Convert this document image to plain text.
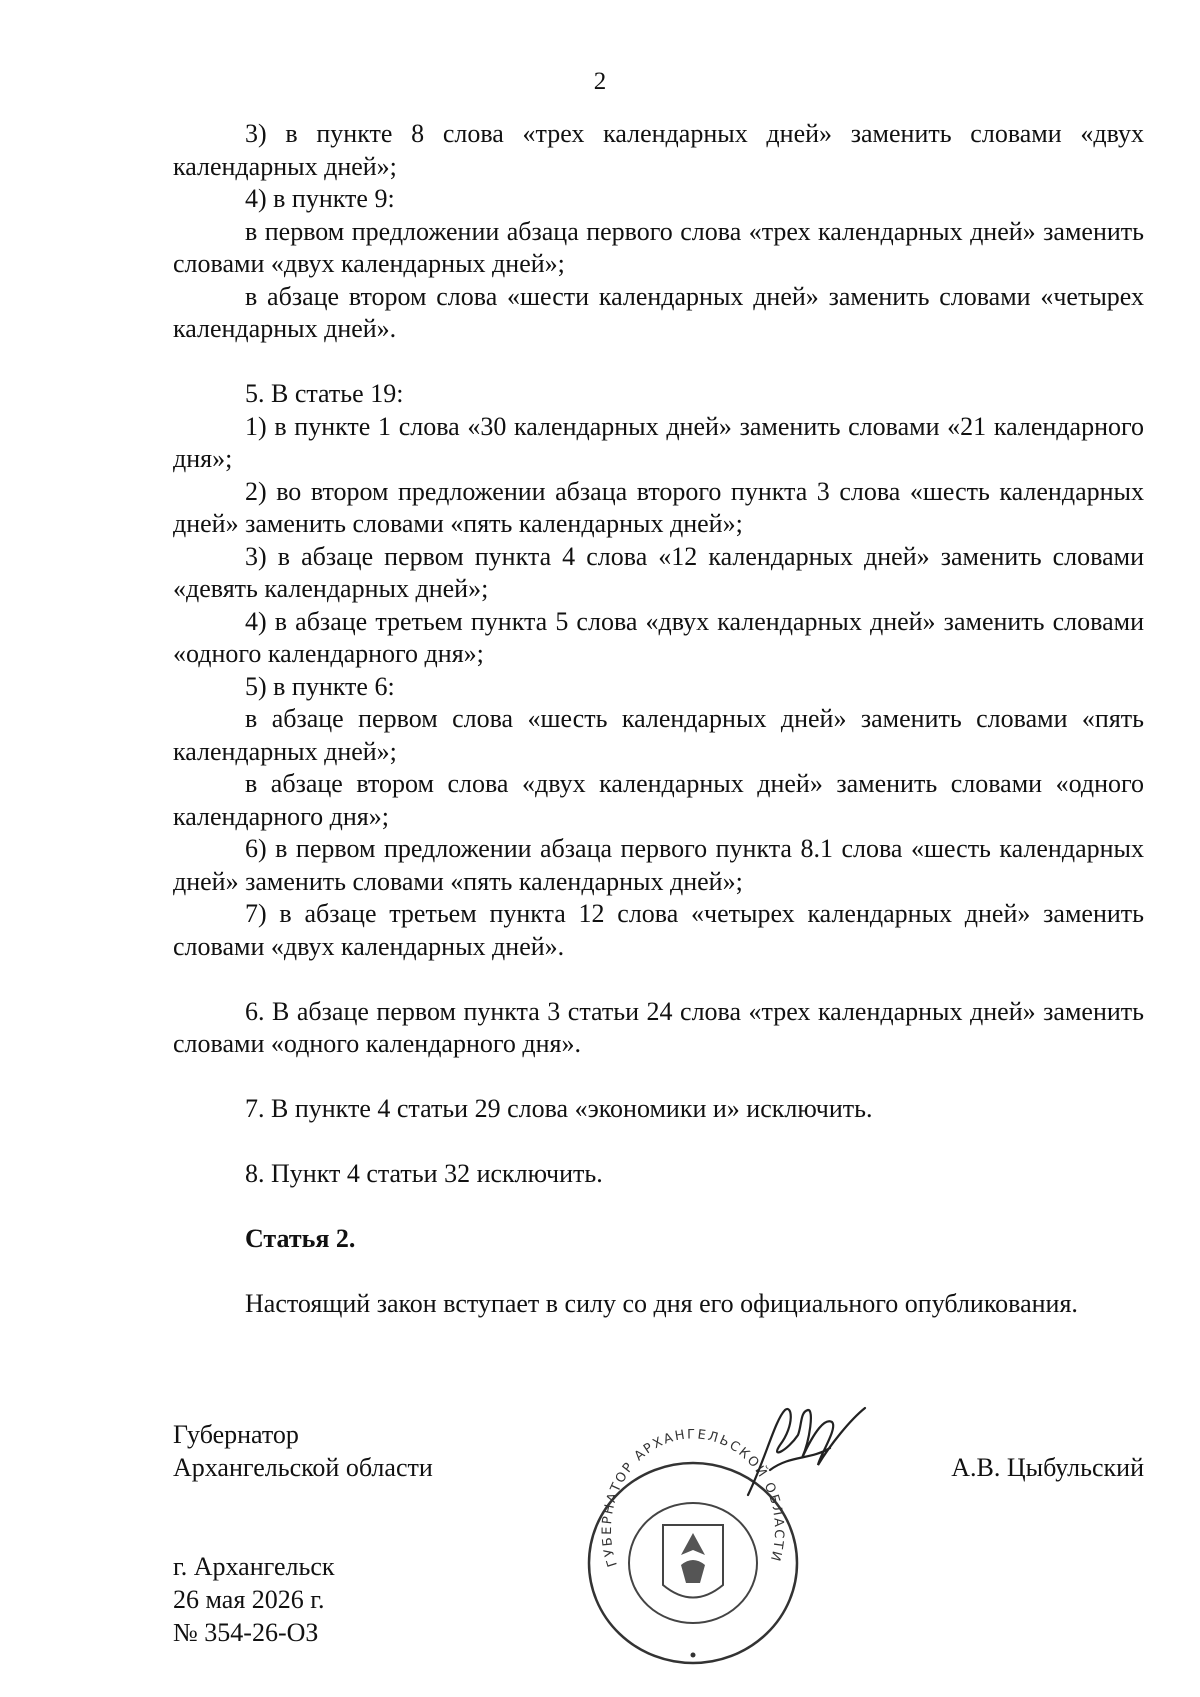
2

3) в пункте 8 слова «трех календарных дней» заменить словами «двух календарных дней»;

4) в пункте 9:

в первом предложении абзаца первого слова «трех календарных дней» заменить словами «двух календарных дней»;

в абзаце втором слова «шести календарных дней» заменить словами «четырех календарных дней».

5. В статье 19:

1) в пункте 1 слова «30 календарных дней» заменить словами «21 календарного дня»;

2) во втором предложении абзаца второго пункта 3 слова «шесть календарных дней» заменить словами «пять календарных дней»;

3) в абзаце первом пункта 4 слова «12 календарных дней» заменить словами «девять календарных дней»;

4) в абзаце третьем пункта 5 слова «двух календарных дней» заменить словами «одного календарного дня»;

5) в пункте 6:

в абзаце первом слова «шесть календарных дней» заменить словами «пять календарных дней»;

в абзаце втором слова «двух календарных дней» заменить словами «одного календарного дня»;

6) в первом предложении абзаца первого пункта 8.1 слова «шесть календарных дней» заменить словами «пять календарных дней»;

7) в абзаце третьем пункта 12 слова «четырех календарных дней» заменить словами «двух календарных дней».

6. В абзаце первом пункта 3 статьи 24 слова «трех календарных дней» заменить словами «одного календарного дня».

7. В пункте 4 статьи 29 слова «экономики и» исключить.

8. Пункт 4 статьи 32 исключить.

Статья 2.

Настоящий закон вступает в силу со дня его официального опубликования.

Губернатор
Архангельской области	А.В. Цыбульский
г. Архангельск
26 мая 2026 г.
№ 354-26-ОЗ
ГУБЕРНАТОР АРХАНГЕЛЬСКОЙ ОБЛАСТИ
